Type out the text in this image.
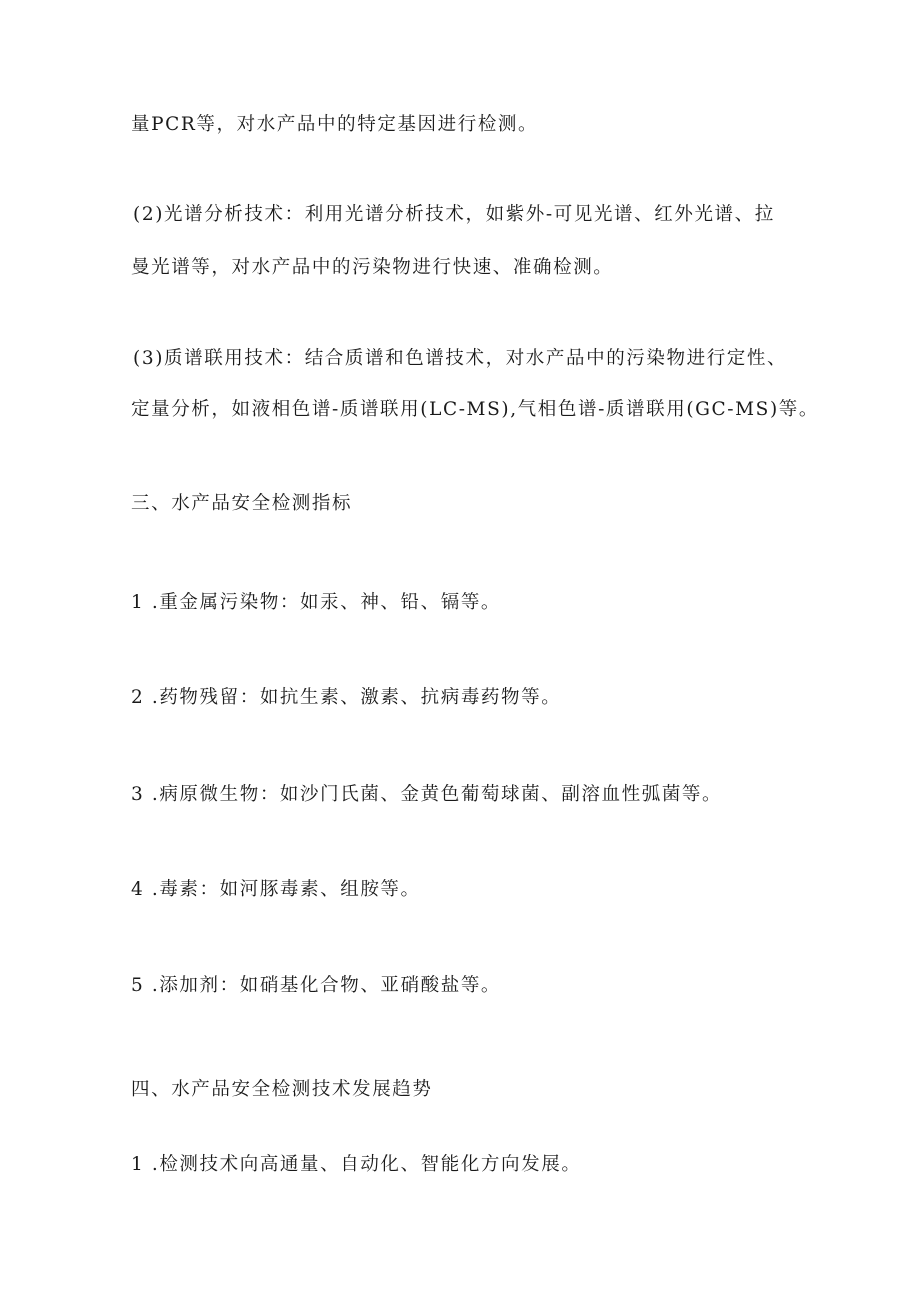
量PCR等，对水产品中的特定基因进行检测。
(2)光谱分析技术：利用光谱分析技术，如紫外-可见光谱、红外光谱、拉
曼光谱等，对水产品中的污染物进行快速、准确检测。
(3)质谱联用技术：结合质谱和色谱技术，对水产品中的污染物进行定性、
定量分析，如液相色谱-质谱联用(LC-MS),气相色谱-质谱联用(GC-MS)等。
三、水产品安全检测指标
1 .重金属污染物：如汞、神、铅、镉等。
2 .药物残留：如抗生素、激素、抗病毒药物等。
3 .病原微生物：如沙门氏菌、金黄色葡萄球菌、副溶血性弧菌等。
4 .毒素：如河豚毒素、组胺等。
5 .添加剂：如硝基化合物、亚硝酸盐等。
四、水产品安全检测技术发展趋势
1 .检测技术向高通量、自动化、智能化方向发展。
